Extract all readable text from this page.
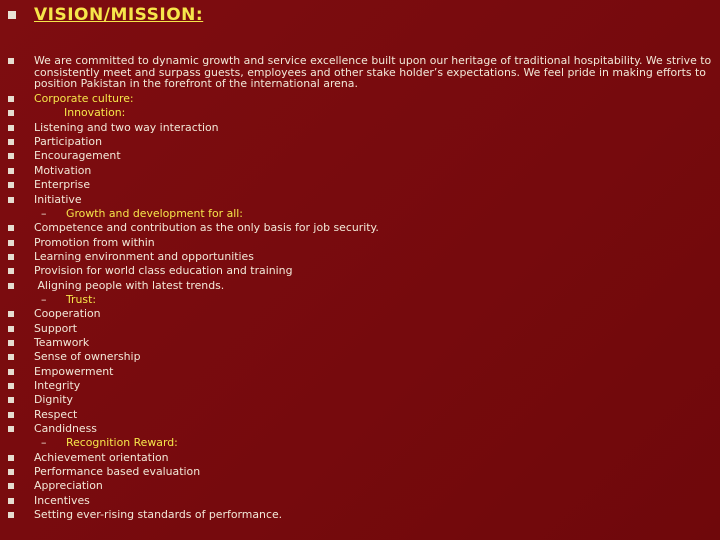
VISION/MISSION:
We are committed to dynamic growth and service excellence built upon our heritage of traditional hospitability. We strive to consistently meet and surpass guests, employees and other stake holder’s expectations. We feel pride in making efforts to position Pakistan in the forefront of the international arena.
Corporate culture:
Innovation:
Listening and two way interaction
Participation
Encouragement
Motivation
Enterprise
Initiative
– Growth and development for all:
Competence and contribution as the only basis for job security.
Promotion from within
Learning environment and opportunities
Provision for world class education and training
Aligning people with latest trends.
– Trust:
Cooperation
Support
Teamwork
Sense of ownership
Empowerment
Integrity
Dignity
Respect
Candidness
– Recognition Reward:
Achievement orientation
Performance based evaluation
Appreciation
Incentives
Setting ever-rising standards of performance.
